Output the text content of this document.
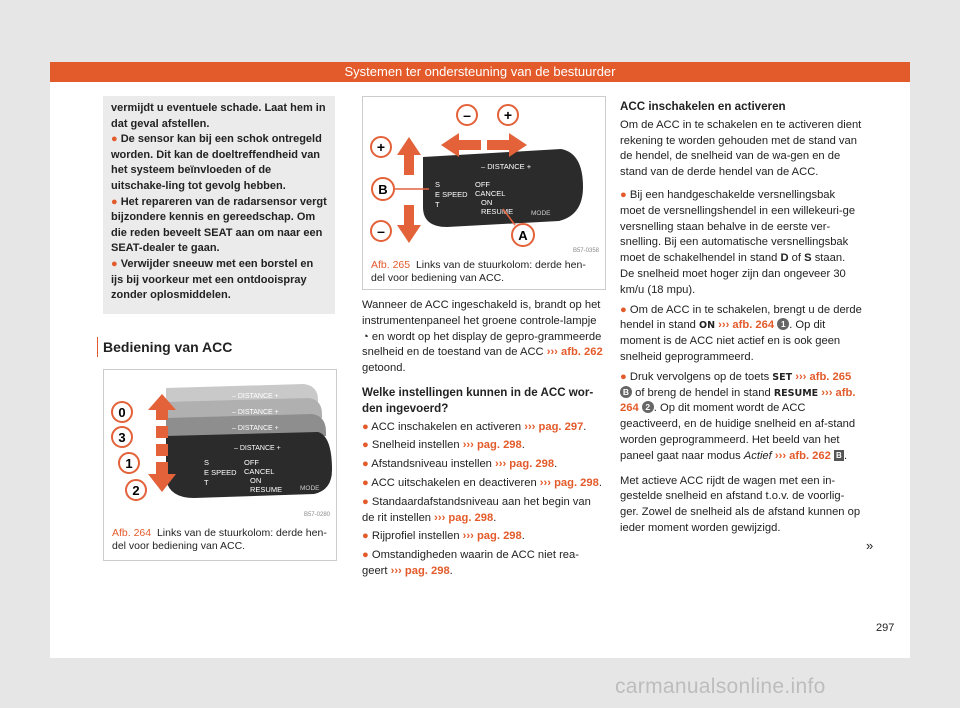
Systemen ter ondersteuning van de bestuurder

vermijdt u eventuele schade. Laat hem in dat geval afstellen.

● De sensor kan bij een schok ontregeld worden. Dit kan de doeltreffendheid van het systeem beïnvloeden of de uitschake-ling tot gevolg hebben.

● Het repareren van de radarsensor vergt bijzondere kennis en gereedschap. Om die reden beveelt SEAT aan om naar een SEAT-dealer te gaan.

● Verwijder sneeuw met een borstel en ijs bij voorkeur met een ontdooispray zonder oplosmiddelen.

Bediening van ACC
– DISTANCE +
– DISTANCE +
– DISTANCE +
– DISTANCE +
S
E SPEED
T
OFF
CANCEL
ON
RESUME	MODE
0
3
1
2
B57-0280
Afb. 264 Links van de stuurkolom: derde hen-del voor bediening van ACC.
– DISTANCE +
S
E SPEED
T
OFF
CANCEL
ON
RESUME	MODE
– +
+
B
–	A
B57-0358
Afb. 265 Links van de stuurkolom: derde hen-del voor bediening van ACC.

Wanneer de ACC ingeschakeld is, brandt op het instrumentenpaneel het groene controle-lampje ◔ en wordt op het display de gepro-grammeerde snelheid en de toestand van de ACC ››› afb. 262 getoond.

Welke instellingen kunnen in de ACC wor-den ingevoerd?

● ACC inschakelen en activeren ››› pag. 297.

● Snelheid instellen ››› pag. 298.

● Afstandsniveau instellen ››› pag. 298.

● ACC uitschakelen en deactiveren ››› pag. 298.

● Standaardafstandsniveau aan het begin van de rit instellen ››› pag. 298.

● Rijprofiel instellen ››› pag. 298.

● Omstandigheden waarin de ACC niet rea-geert ››› pag. 298.

ACC inschakelen en activeren

Om de ACC in te schakelen en te activeren dient rekening te worden gehouden met de stand van de hendel, de snelheid van de wa-gen en de stand van de derde hendel van de ACC.

● Bij een handgeschakelde versnellingsbak moet de versnellingshendel in een willekeuri-ge versnelling staan behalve in de eerste ver-snelling. Bij een automatische versnellingsbak moet de schakelhendel in stand D of S staan. De snelheid moet hoger zijn dan ongeveer 30 km/u (18 mpu).

● Om de ACC in te schakelen, brengt u de derde hendel in stand ON ››› afb. 264 1 . Op dit moment is de ACC niet actief en is ook geen snelheid geprogrammeerd.

● Druk vervolgens op de toets SET ››› afb. 265 B of breng de hendel in stand RESUME ››› afb. 264 2 . Op dit moment wordt de ACC geactiveerd, en de huidige snelheid en af-stand worden geprogrammeerd. Het beeld van het paneel gaat naar modus Actief ››› afb. 262 B .

Met actieve ACC rijdt de wagen met een in-gestelde snelheid en afstand t.o.v. de voorlig-ger. Zowel de snelheid als de afstand kunnen op ieder moment worden gewijzigd.

»
297
carmanualsonline.info
